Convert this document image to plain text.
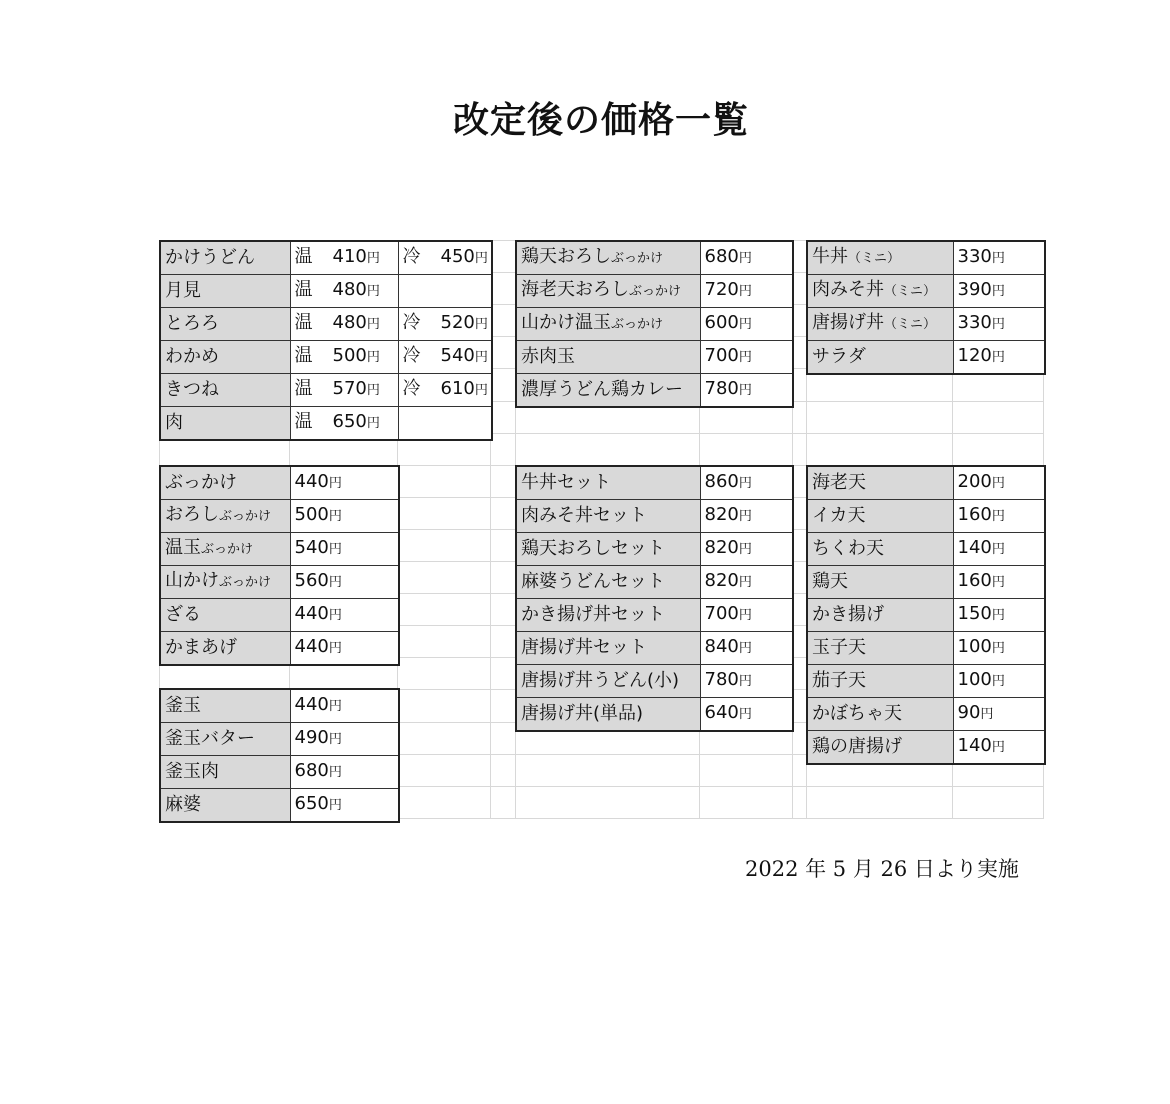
改定後の価格一覧
かけうどん	温 410円	冷 450円
月見	温 480円	
とろろ	温 480円	冷 520円
わかめ	温 500円	冷 540円
きつね	温 570円	冷 610円
肉	温 650円	
ぶっかけ	440円
おろしぶっかけ	500円
温玉ぶっかけ	540円
山かけぶっかけ	560円
ざる	440円
かまあげ	440円
釜玉	440円
釜玉バター	490円
釜玉肉	680円
麻婆	650円
鶏天おろしぶっかけ	680円
海老天おろしぶっかけ	720円
山かけ温玉ぶっかけ	600円
赤肉玉	700円
濃厚うどん鶏カレー	780円
牛丼セット	860円
肉みそ丼セット	820円
鶏天おろしセット	820円
麻婆うどんセット	820円
かき揚げ丼セット	700円
唐揚げ丼セット	840円
唐揚げ丼うどん(小)	780円
唐揚げ丼(単品)	640円
牛丼（ミニ）	330円
肉みそ丼（ミニ）	390円
唐揚げ丼（ミニ）	330円
サラダ	120円
海老天	200円
イカ天	160円
ちくわ天	140円
鶏天	160円
かき揚げ	150円
玉子天	100円
茄子天	100円
かぼちゃ天	90円
鶏の唐揚げ	140円
2022 年 5 月 26 日より実施
